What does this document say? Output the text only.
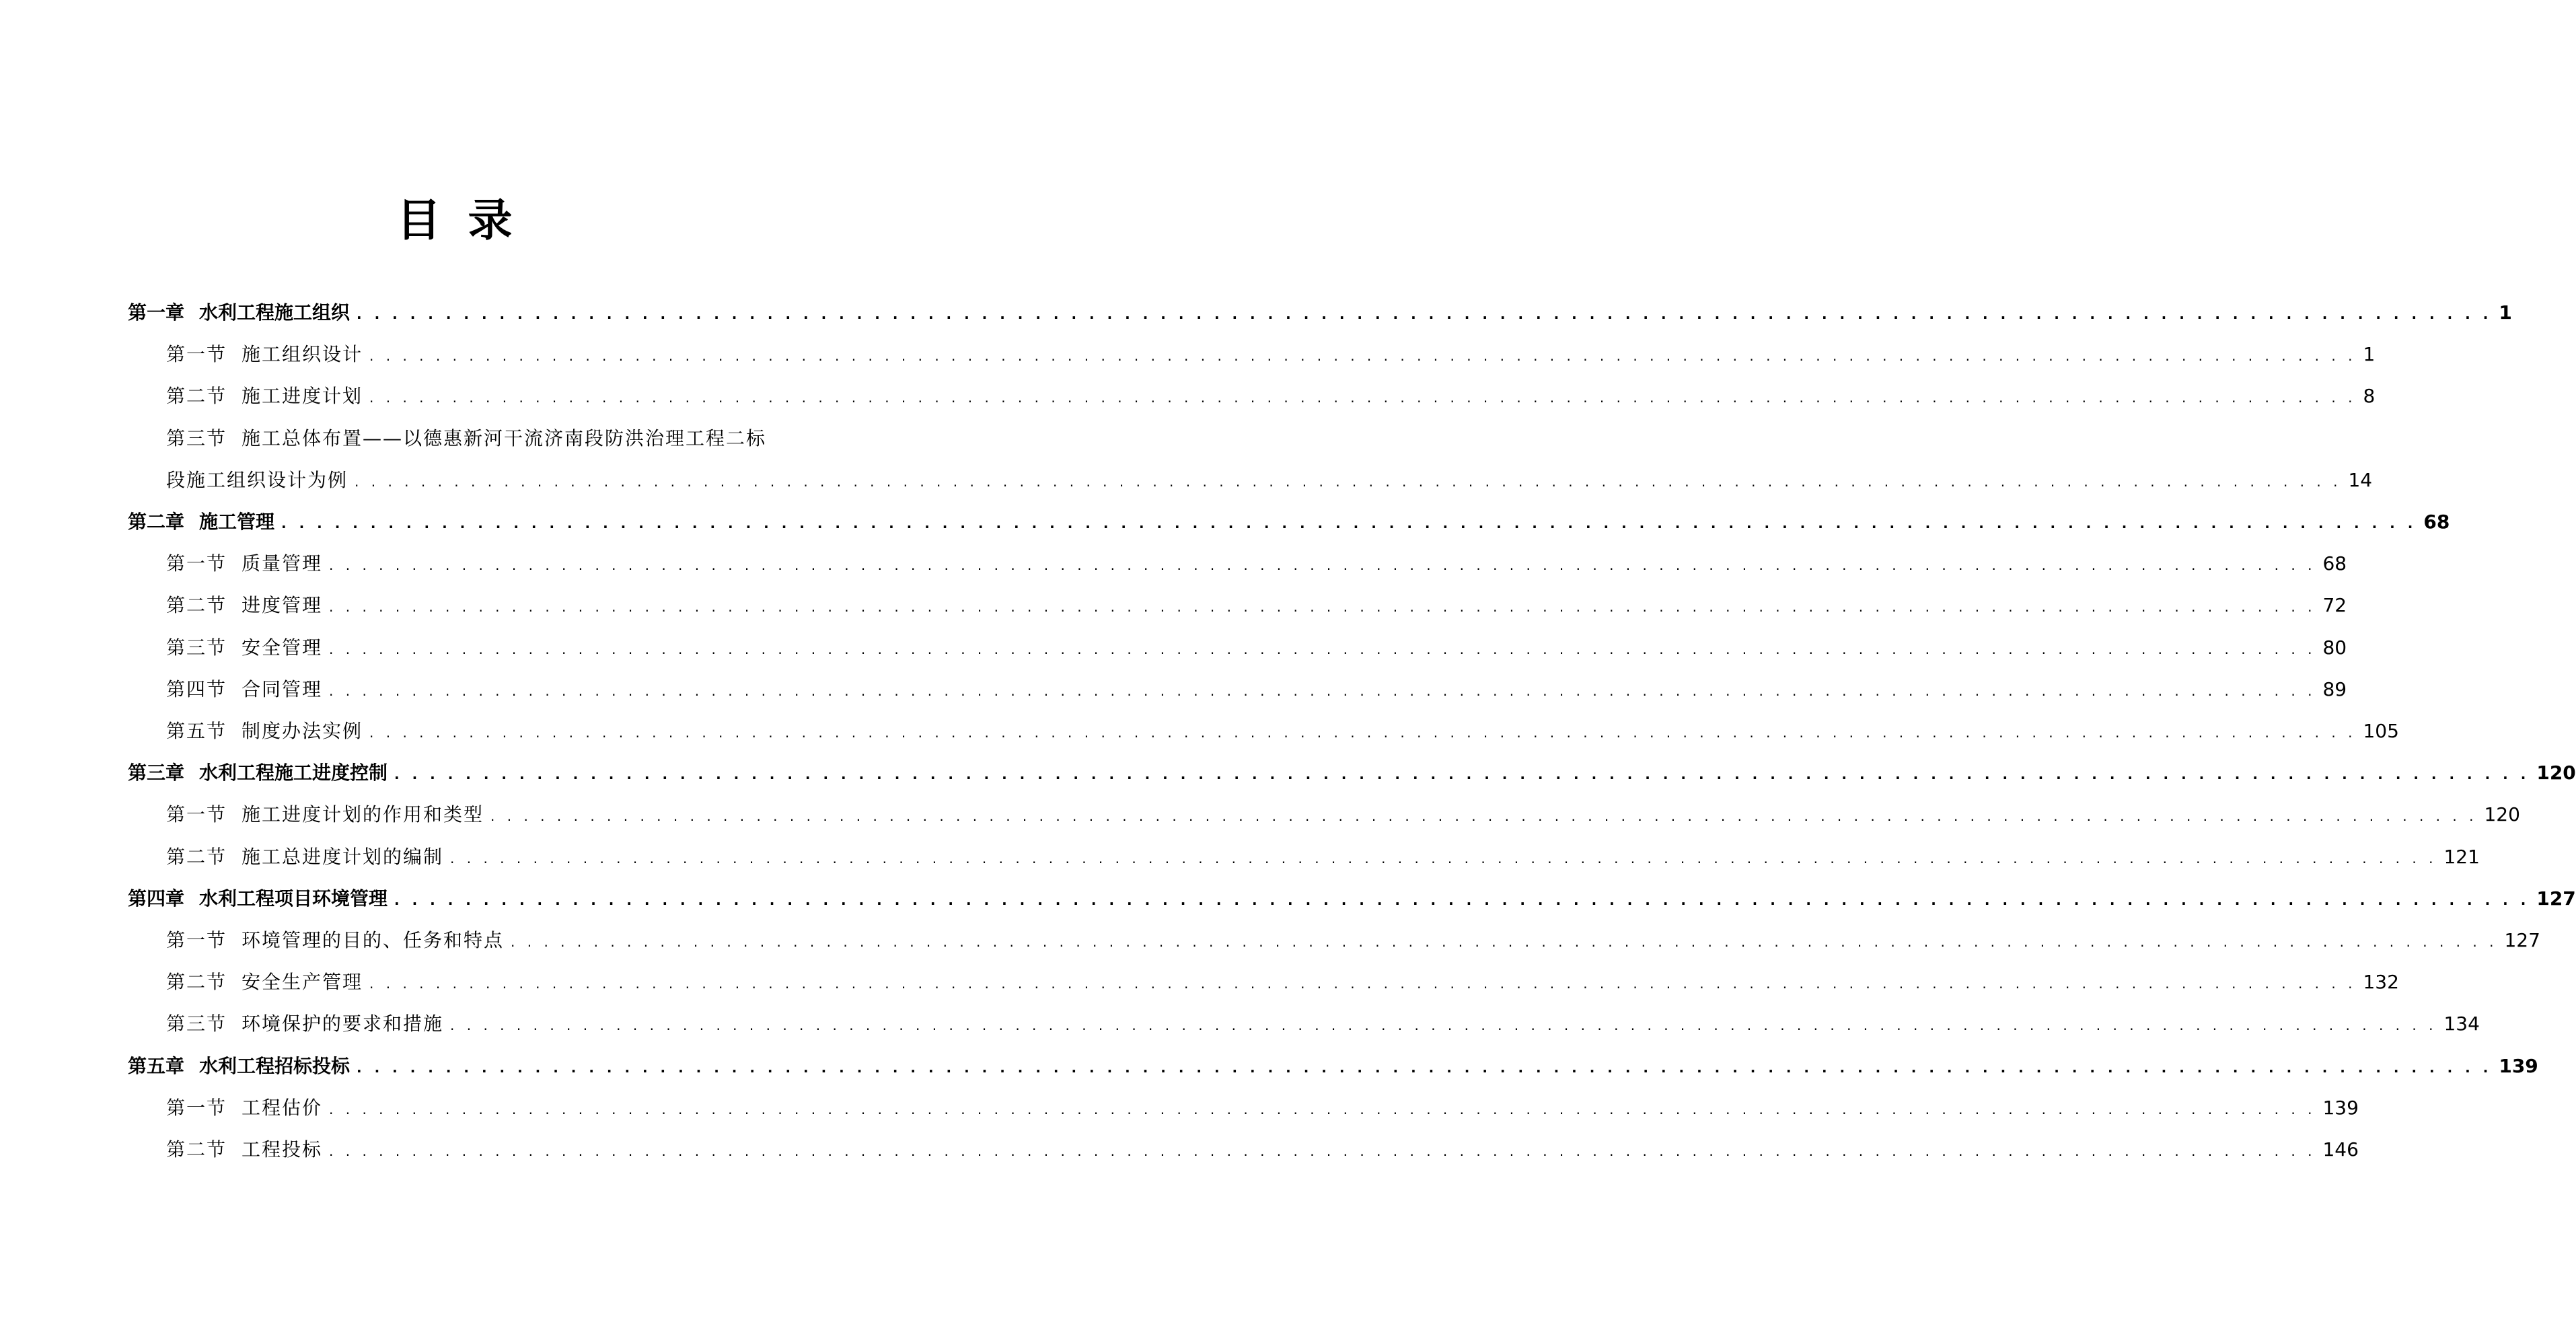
目录
第一章 水利工程施工组织 . . . . . . . . . . . . . . . . . . . . . . . . . . . . . . . . . . . . . . . . . . . . . . . . . . . . . . . . . . . . . . . . . . . . . . . . . . . . . . . . . . . . . . . . . . . . . . . . . . . . . . . . . . . . . . . . . . . . . . . . 1
第一节 施工组织设计 . . . . . . . . . . . . . . . . . . . . . . . . . . . . . . . . . . . . . . . . . . . . . . . . . . . . . . . . . . . . . . . . . . . . . . . . . . . . . . . . . . . . . . . . . . . . . . . . . . . . . . . . . . . . . . . . . . . . . . . . 1
第二节 施工进度计划 . . . . . . . . . . . . . . . . . . . . . . . . . . . . . . . . . . . . . . . . . . . . . . . . . . . . . . . . . . . . . . . . . . . . . . . . . . . . . . . . . . . . . . . . . . . . . . . . . . . . . . . . . . . . . . . . . . . . . . . . 8
第三节 施工总体布置——以德惠新河干流济南段防洪治理工程二标
段施工组织设计为例 . . . . . . . . . . . . . . . . . . . . . . . . . . . . . . . . . . . . . . . . . . . . . . . . . . . . . . . . . . . . . . . . . . . . . . . . . . . . . . . . . . . . . . . . . . . . . . . . . . . . . . . . . . . . . . . . . . . . . . . . 14
第二章 施工管理 . . . . . . . . . . . . . . . . . . . . . . . . . . . . . . . . . . . . . . . . . . . . . . . . . . . . . . . . . . . . . . . . . . . . . . . . . . . . . . . . . . . . . . . . . . . . . . . . . . . . . . . . . . . . . . . . . . . . . . . . 68
第一节 质量管理 . . . . . . . . . . . . . . . . . . . . . . . . . . . . . . . . . . . . . . . . . . . . . . . . . . . . . . . . . . . . . . . . . . . . . . . . . . . . . . . . . . . . . . . . . . . . . . . . . . . . . . . . . . . . . . . . . . . . . . . . 68
第二节 进度管理 . . . . . . . . . . . . . . . . . . . . . . . . . . . . . . . . . . . . . . . . . . . . . . . . . . . . . . . . . . . . . . . . . . . . . . . . . . . . . . . . . . . . . . . . . . . . . . . . . . . . . . . . . . . . . . . . . . . . . . . . 72
第三节 安全管理 . . . . . . . . . . . . . . . . . . . . . . . . . . . . . . . . . . . . . . . . . . . . . . . . . . . . . . . . . . . . . . . . . . . . . . . . . . . . . . . . . . . . . . . . . . . . . . . . . . . . . . . . . . . . . . . . . . . . . . . . 80
第四节 合同管理 . . . . . . . . . . . . . . . . . . . . . . . . . . . . . . . . . . . . . . . . . . . . . . . . . . . . . . . . . . . . . . . . . . . . . . . . . . . . . . . . . . . . . . . . . . . . . . . . . . . . . . . . . . . . . . . . . . . . . . . . 89
第五节 制度办法实例 . . . . . . . . . . . . . . . . . . . . . . . . . . . . . . . . . . . . . . . . . . . . . . . . . . . . . . . . . . . . . . . . . . . . . . . . . . . . . . . . . . . . . . . . . . . . . . . . . . . . . . . . . . . . . . . . . . . . . . . . 105
第三章 水利工程施工进度控制 . . . . . . . . . . . . . . . . . . . . . . . . . . . . . . . . . . . . . . . . . . . . . . . . . . . . . . . . . . . . . . . . . . . . . . . . . . . . . . . . . . . . . . . . . . . . . . . . . . . . . . . . . . . . . . . . . . . . . . . . 120
第一节 施工进度计划的作用和类型 . . . . . . . . . . . . . . . . . . . . . . . . . . . . . . . . . . . . . . . . . . . . . . . . . . . . . . . . . . . . . . . . . . . . . . . . . . . . . . . . . . . . . . . . . . . . . . . . . . . . . . . . . . . . . . . . . . . . . . . . 120
第二节 施工总进度计划的编制 . . . . . . . . . . . . . . . . . . . . . . . . . . . . . . . . . . . . . . . . . . . . . . . . . . . . . . . . . . . . . . . . . . . . . . . . . . . . . . . . . . . . . . . . . . . . . . . . . . . . . . . . . . . . . . . . . . . . . . . . 121
第四章 水利工程项目环境管理 . . . . . . . . . . . . . . . . . . . . . . . . . . . . . . . . . . . . . . . . . . . . . . . . . . . . . . . . . . . . . . . . . . . . . . . . . . . . . . . . . . . . . . . . . . . . . . . . . . . . . . . . . . . . . . . . . . . . . . . . 127
第一节 环境管理的目的、任务和特点 . . . . . . . . . . . . . . . . . . . . . . . . . . . . . . . . . . . . . . . . . . . . . . . . . . . . . . . . . . . . . . . . . . . . . . . . . . . . . . . . . . . . . . . . . . . . . . . . . . . . . . . . . . . . . . . . . . . . . . . . 127
第二节 安全生产管理 . . . . . . . . . . . . . . . . . . . . . . . . . . . . . . . . . . . . . . . . . . . . . . . . . . . . . . . . . . . . . . . . . . . . . . . . . . . . . . . . . . . . . . . . . . . . . . . . . . . . . . . . . . . . . . . . . . . . . . . . 132
第三节 环境保护的要求和措施 . . . . . . . . . . . . . . . . . . . . . . . . . . . . . . . . . . . . . . . . . . . . . . . . . . . . . . . . . . . . . . . . . . . . . . . . . . . . . . . . . . . . . . . . . . . . . . . . . . . . . . . . . . . . . . . . . . . . . . . . 134
第五章 水利工程招标投标 . . . . . . . . . . . . . . . . . . . . . . . . . . . . . . . . . . . . . . . . . . . . . . . . . . . . . . . . . . . . . . . . . . . . . . . . . . . . . . . . . . . . . . . . . . . . . . . . . . . . . . . . . . . . . . . . . . . . . . . . 139
第一节 工程估价 . . . . . . . . . . . . . . . . . . . . . . . . . . . . . . . . . . . . . . . . . . . . . . . . . . . . . . . . . . . . . . . . . . . . . . . . . . . . . . . . . . . . . . . . . . . . . . . . . . . . . . . . . . . . . . . . . . . . . . . . 139
第二节 工程投标 . . . . . . . . . . . . . . . . . . . . . . . . . . . . . . . . . . . . . . . . . . . . . . . . . . . . . . . . . . . . . . . . . . . . . . . . . . . . . . . . . . . . . . . . . . . . . . . . . . . . . . . . . . . . . . . . . . . . . . . . 146
